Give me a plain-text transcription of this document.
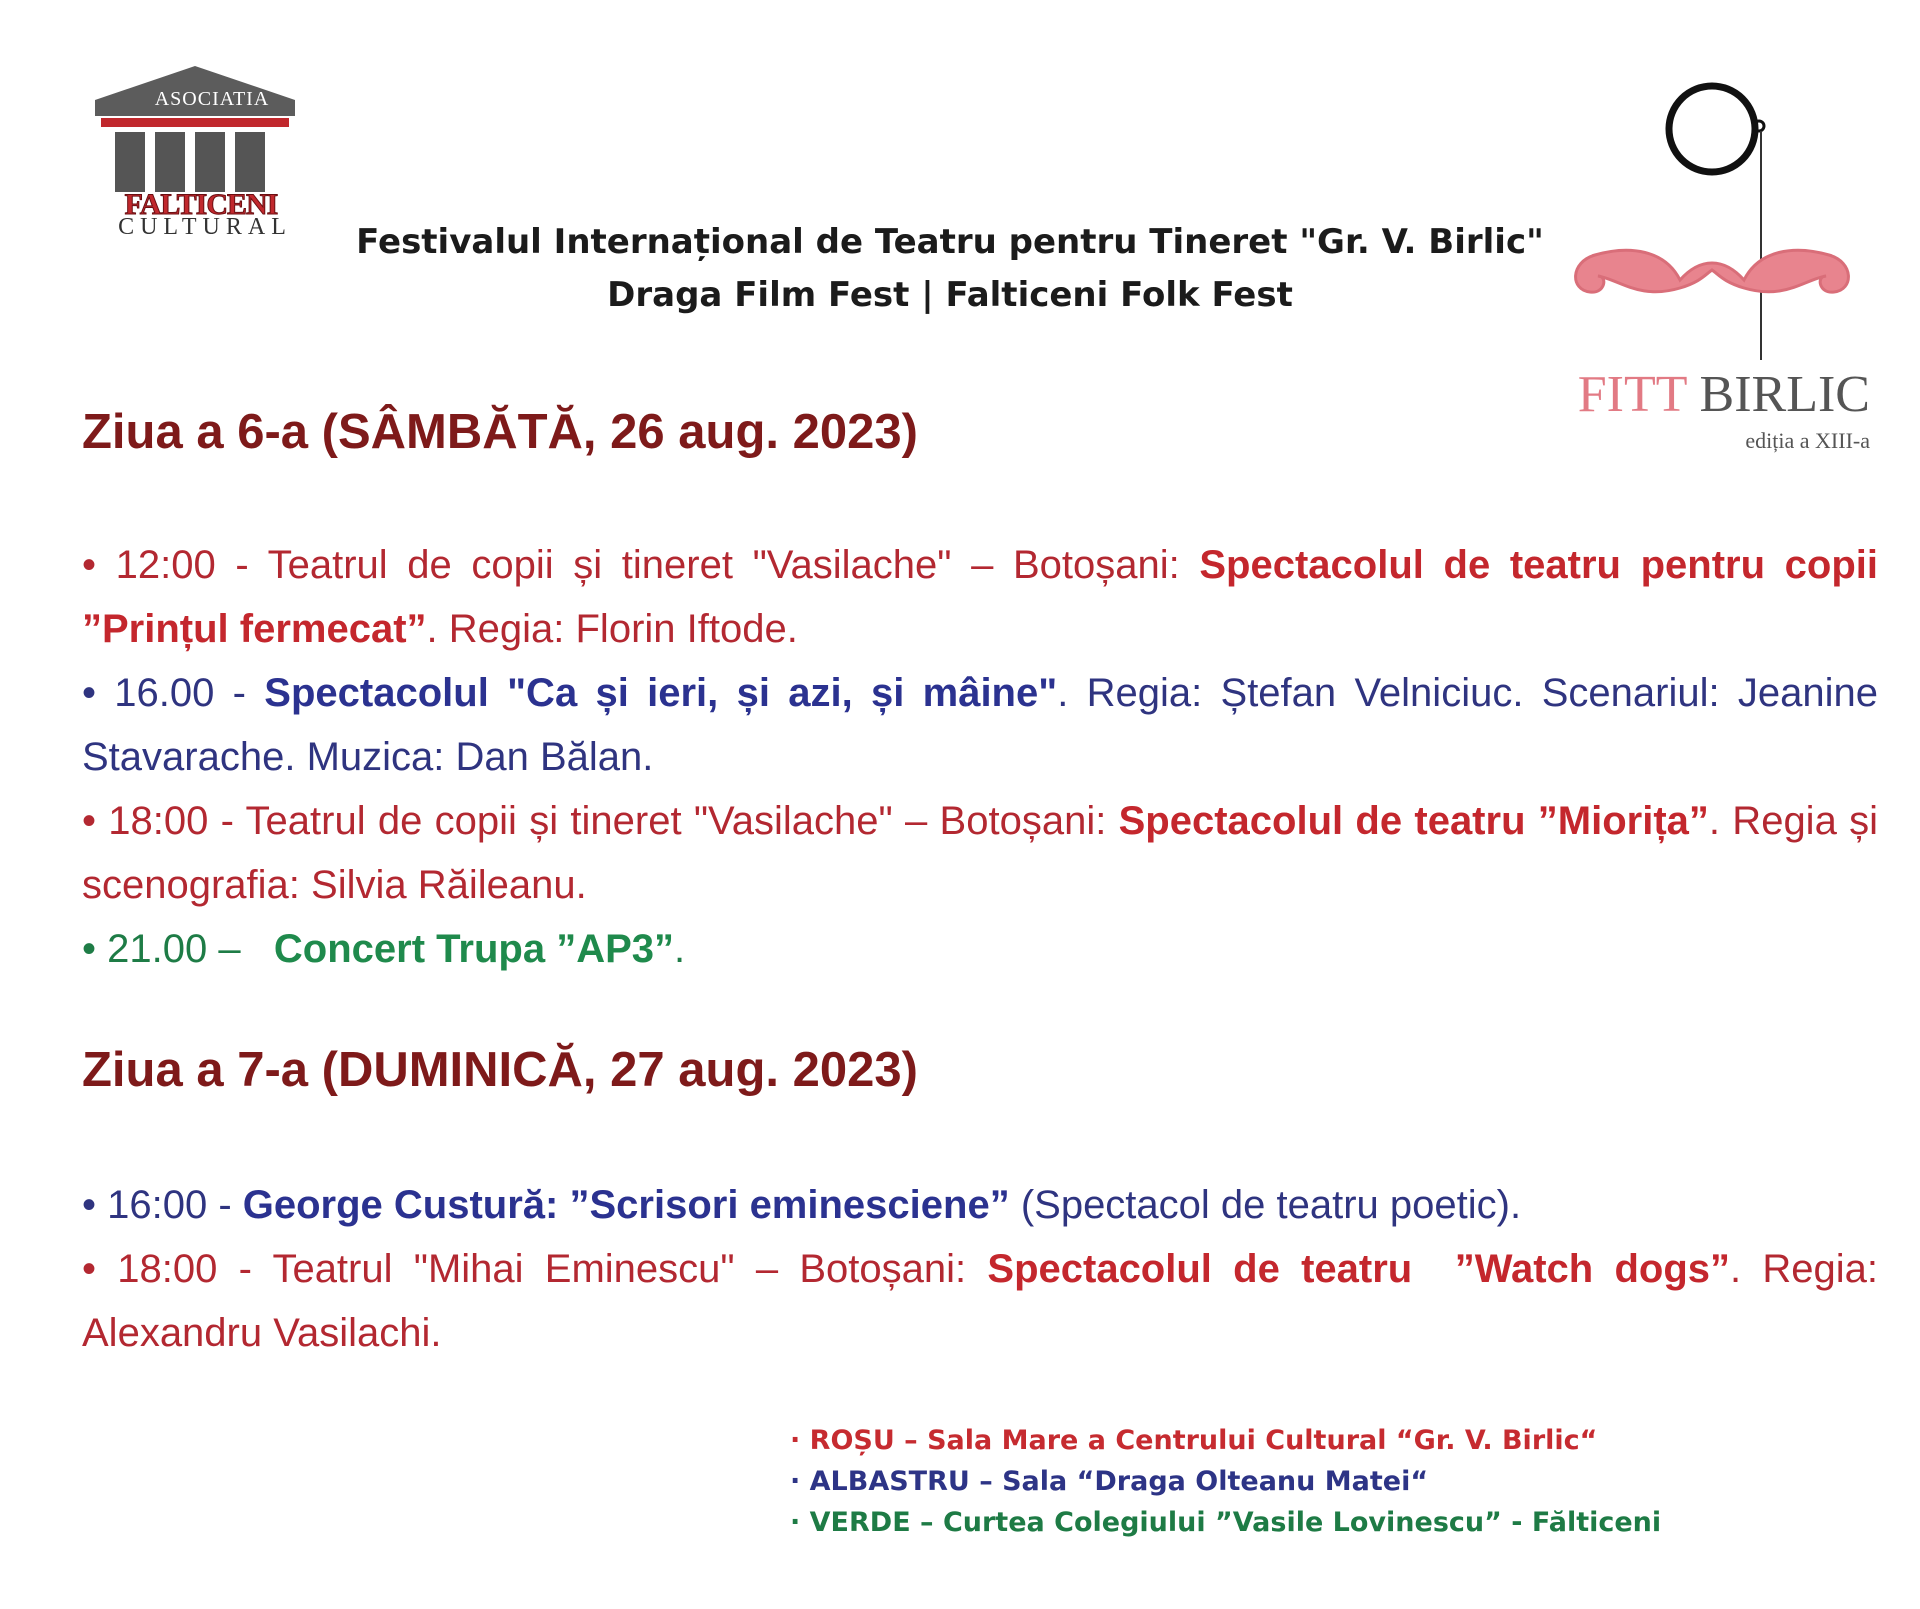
ASOCIATIA
FALTICENI
CULTURAL	Festivalul Internațional de Teatru pentru Tineret "Gr. V. Birlic"
Draga Film Fest | Falticeni Folk Fest
FITT BIRLIC
ediția a XIII-a
Ziua a 6-a (SÂMBĂTĂ, 26 aug. 2023)
• 12:00 - Teatrul de copii și tineret "Vasilache" – Botoșani: Spectacolul de teatru pentru copii ”Prințul fermecat”. Regia: Florin Iftode.
• 16.00 - Spectacolul "Ca și ieri, și azi, și mâine". Regia: Ștefan Velniciuc. Scenariul: Jeanine Stavarache. Muzica: Dan Bălan.
• 18:00 - Teatrul de copii și tineret "Vasilache" – Botoșani: Spectacolul de teatru ”Miorița”. Regia și scenografia: Silvia Răileanu.
• 21.00 –   Concert Trupa ”AP3”.
Ziua a 7-a (DUMINICĂ, 27 aug. 2023)
• 16:00 - George Custură: ”Scrisori eminesciene” (Spectacol de teatru poetic).
• 18:00 - Teatrul "Mihai Eminescu" – Botoșani: Spectacolul de teatru  ”Watch dogs”. Regia: Alexandru Vasilachi.
· ROȘU – Sala Mare a Centrului Cultural “Gr. V. Birlic“
· ALBASTRU – Sala “Draga Olteanu Matei“
· VERDE – Curtea Colegiului ”Vasile Lovinescu” - Fălticeni
